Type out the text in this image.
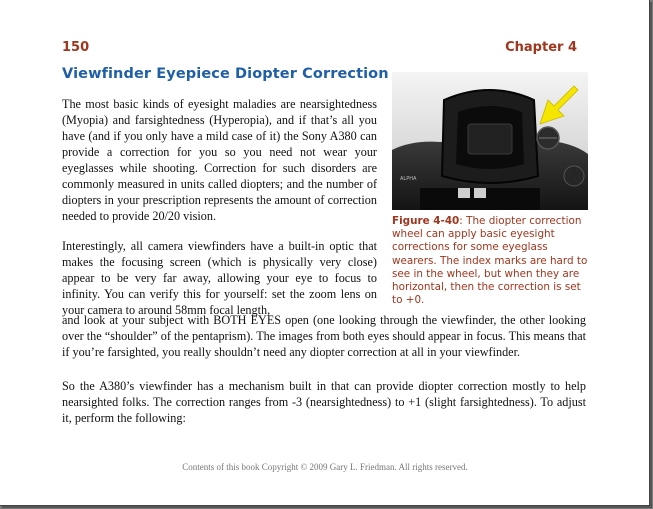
150	Chapter 4
Viewfinder Eyepiece Diopter Correction

The most basic kinds of eyesight maladies are nearsightedness (Myopia) and farsightedness (Hyperopia), and if that’s all you have (and if you only have a mild case of it) the Sony A380 can provide a correction for you so you need not wear your eyeglasses while shooting. Correction for such disorders are commonly measured in units called diopters; and the number of diopters in your prescription represents the amount of correction needed to provide 20/20 vision.

Interestingly, all camera viewfinders have a built-in optic that makes the focusing screen (which is physically very close) appear to be very far away, allowing your eye to focus to infinity. You can verify this for yourself: set the zoom lens on your camera to around 58mm focal length,

and look at your subject with BOTH EYES open (one looking through the viewfinder, the other looking over the “shoulder” of the pentaprism). The images from both eyes should appear in focus. This means that if you’re farsighted, you really shouldn’t need any diopter correction at all in your viewfinder.

So the A380’s viewfinder has a mechanism built in that can provide diopter correction mostly to help nearsighted folks. The correction ranges from -3 (nearsightedness) to +1 (slight farsightedness). To adjust it, perform the following:

ALPHA
Figure 4-40: The diopter correction wheel can apply basic eyesight corrections for some eyeglass wearers. The index marks are hard to see in the wheel, but when they are horizontal, then the correction is set to +0.
Contents of this book Copyright © 2009 Gary L. Friedman. All rights reserved.
